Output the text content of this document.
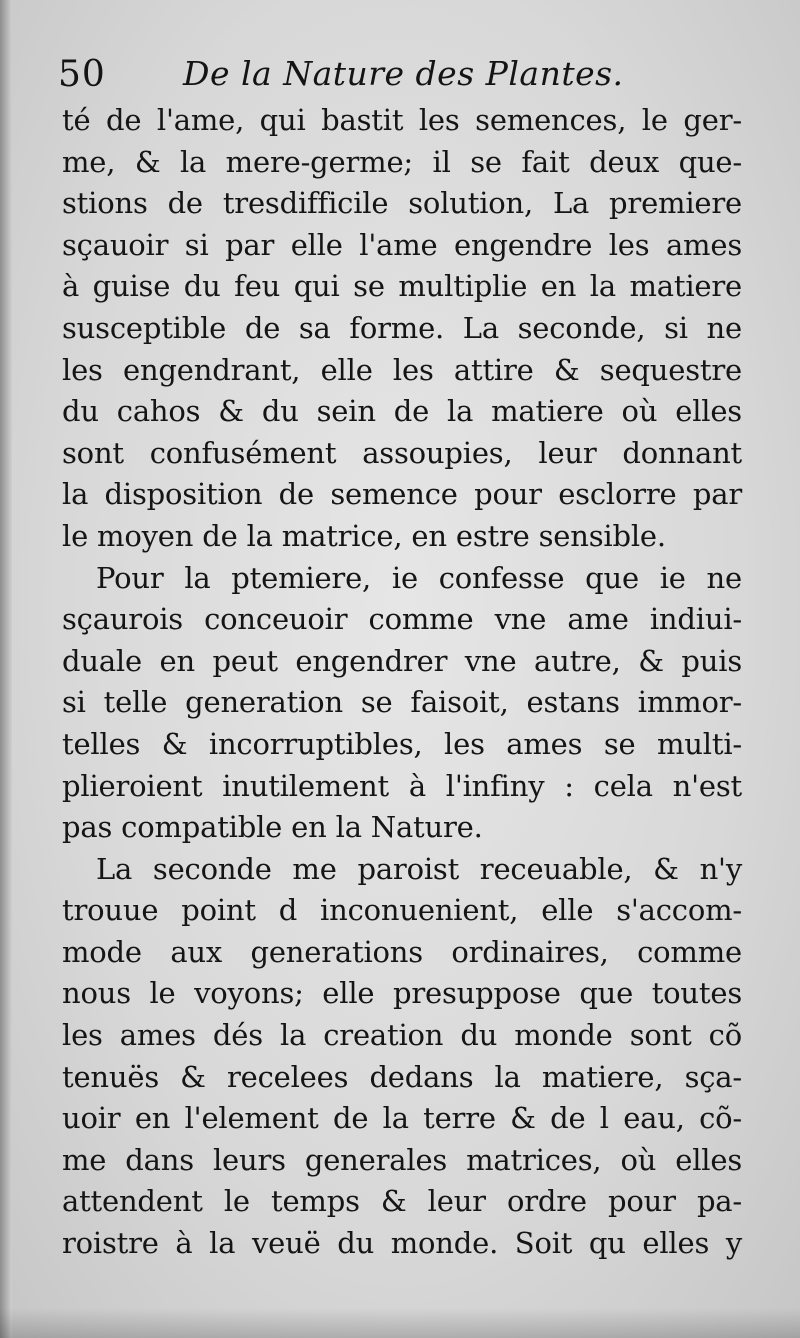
50 De la Nature des Plantes.
té de l'ame, qui bastit les semences, le ger-
me, & la mere-germe; il se fait deux que-
stions de tresdifficile solution, La premiere
sçauoir si par elle l'ame engendre les ames
à guise du feu qui se multiplie en la matiere
susceptible de sa forme. La seconde, si ne
les engendrant, elle les attire & sequestre
du cahos & du sein de la matiere où elles
sont confusément assoupies, leur donnant
la disposition de semence pour esclorre par
le moyen de la matrice, en estre sensible.
Pour la ptemiere, ie confesse que ie ne
sçaurois conceuoir comme vne ame indiui-
duale en peut engendrer vne autre, & puis
si telle generation se faisoit, estans immor-
telles & incorruptibles, les ames se multi-
plieroient inutilement à l'infiny : cela n'est
pas compatible en la Nature.
La seconde me paroist receuable, & n'y
trouue point d inconuenient, elle s'accom-
mode aux generations ordinaires, comme
nous le voyons; elle presuppose que toutes
les ames dés la creation du monde sont cõ
tenuës & recelees dedans la matiere, sça-
uoir en l'element de la terre & de l eau, cõ-
me dans leurs generales matrices, où elles
attendent le temps & leur ordre pour pa-
roistre à la veuë du monde. Soit qu elles y
